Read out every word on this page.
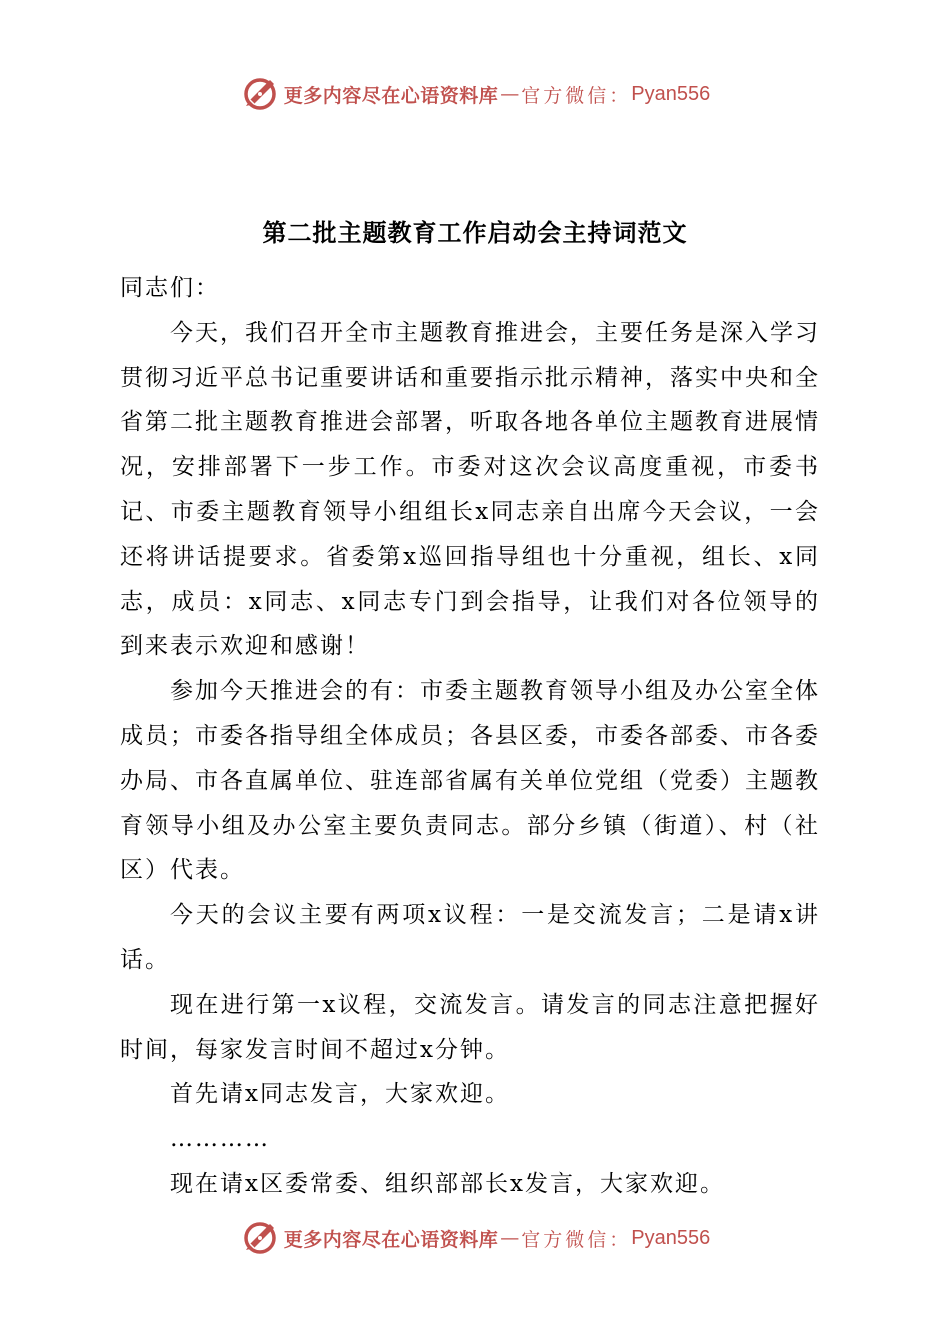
更多内容尽在心语资料库 — 官方微信： Pyan556
第二批主题教育工作启动会主持词范文

同志们：

今天，我们召开全市主题教育推进会，主要任务是深入学习贯彻习近平总书记重要讲话和重要指示批示精神，落实中央和全省第二批主题教育推进会部署，听取各地各单位主题教育进展情况，安排部署下一步工作。市委对这次会议高度重视，市委书记、市委主题教育领导小组组长x同志亲自出席今天会议，一会还将讲话提要求。省委第x巡回指导组也十分重视，组长、x同志，成员：x同志、x同志专门到会指导，让我们对各位领导的到来表示欢迎和感谢！

参加今天推进会的有：市委主题教育领导小组及办公室全体成员；市委各指导组全体成员；各县区委，市委各部委、市各委办局、市各直属单位、驻连部省属有关单位党组（党委）主题教育领导小组及办公室主要负责同志。部分乡镇（街道）、村（社区）代表。

今天的会议主要有两项x议程：一是交流发言；二是请x讲话。

现在进行第一x议程，交流发言。请发言的同志注意把握好时间，每家发言时间不超过x分钟。

首先请x同志发言，大家欢迎。

…………

现在请x区委常委、组织部部长x发言，大家欢迎。

更多内容尽在心语资料库 — 官方微信： Pyan556
